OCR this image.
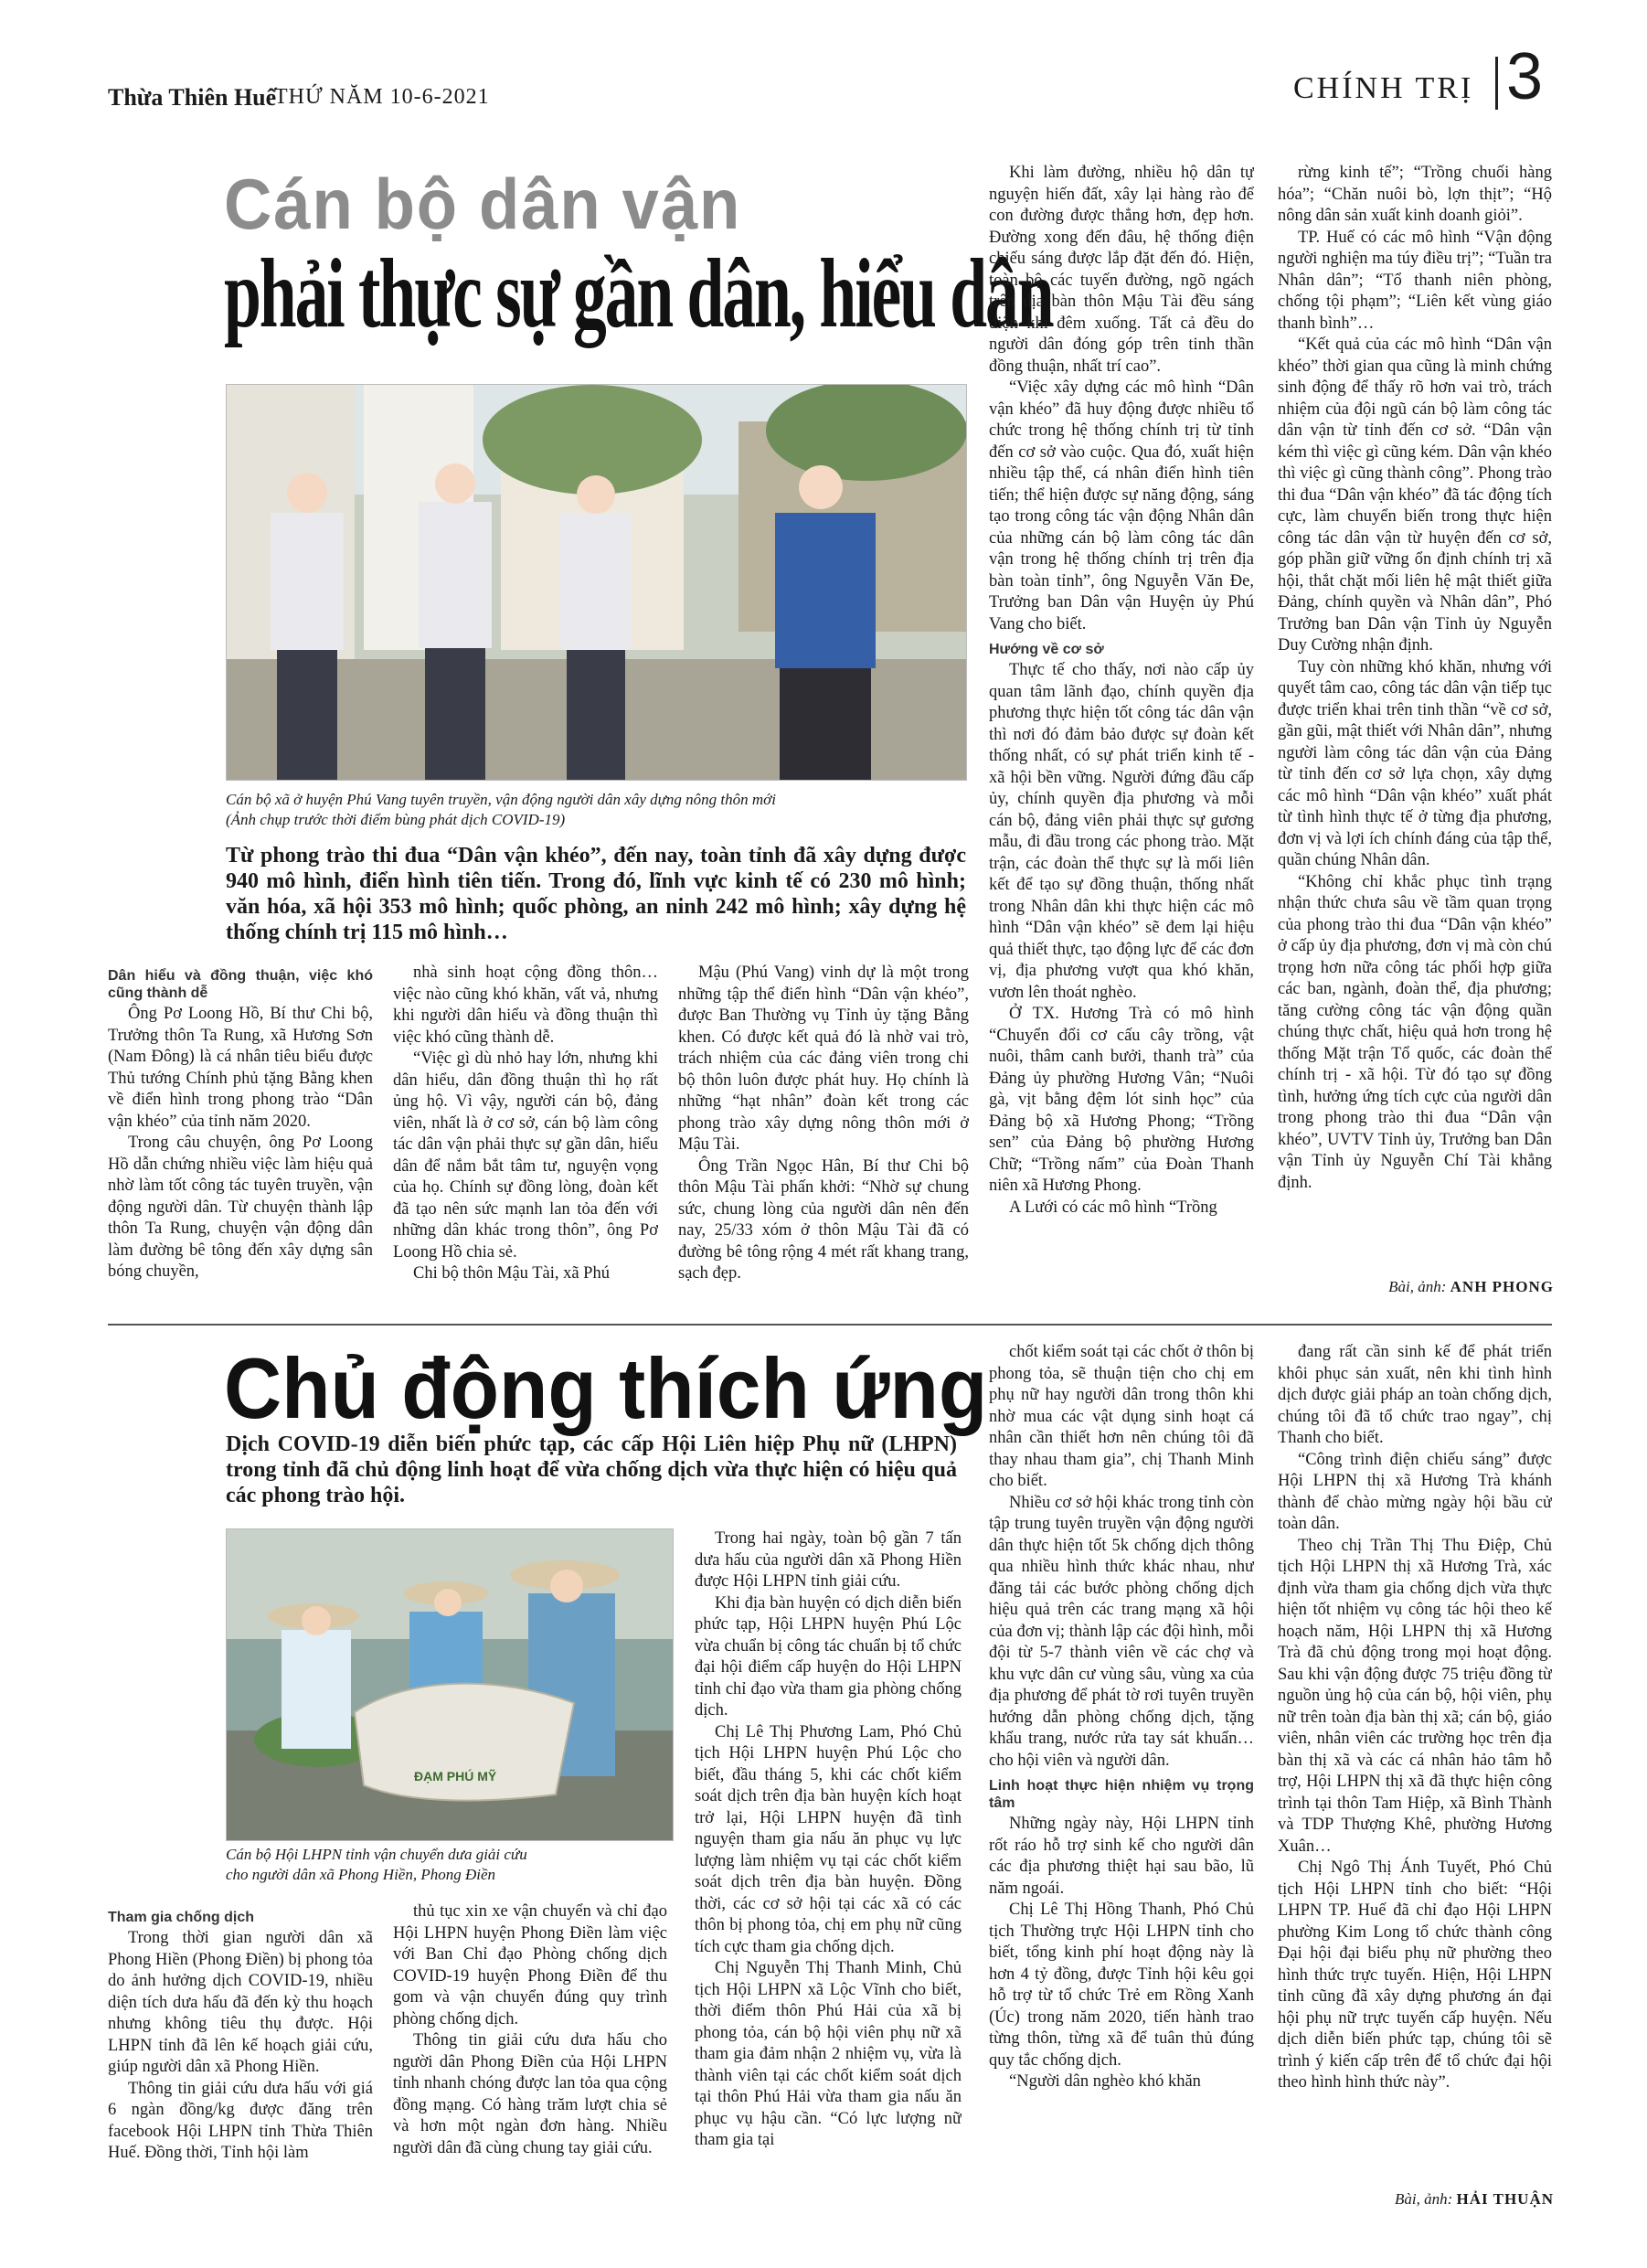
Thừa Thiên Huế
THỨ NĂM 10-6-2021	CHÍNH TRỊ 3
Cán bộ dân vận
phải thực sự gần dân, hiểu dân
Cán bộ xã ở huyện Phú Vang tuyên truyền, vận động người dân xây dựng nông thôn mới
(Ảnh chụp trước thời điểm bùng phát dịch COVID-19)
Từ phong trào thi đua “Dân vận khéo”, đến nay, toàn tỉnh đã xây dựng được 940 mô hình, điển hình tiên tiến. Trong đó, lĩnh vực kinh tế có 230 mô hình; văn hóa, xã hội 353 mô hình; quốc phòng, an ninh 242 mô hình; xây dựng hệ thống chính trị 115 mô hình…
Dân hiểu và đồng thuận, việc khó cũng thành dễ

Ông Pơ Loong Hồ, Bí thư Chi bộ, Trưởng thôn Ta Rung, xã Hương Sơn (Nam Đông) là cá nhân tiêu biểu được Thủ tướng Chính phủ tặng Bằng khen về điển hình trong phong trào “Dân vận khéo” của tỉnh năm 2020.

Trong câu chuyện, ông Pơ Loong Hồ dẫn chứng nhiều việc làm hiệu quả nhờ làm tốt công tác tuyên truyền, vận động người dân. Từ chuyện thành lập thôn Ta Rung, chuyện vận động dân làm đường bê tông đến xây dựng sân bóng chuyền,

nhà sinh hoạt cộng đồng thôn… việc nào cũng khó khăn, vất vả, nhưng khi người dân hiểu và đồng thuận thì việc khó cũng thành dễ.

“Việc gì dù nhỏ hay lớn, nhưng khi dân hiểu, dân đồng thuận thì họ rất ủng hộ. Vì vậy, người cán bộ, đảng viên, nhất là ở cơ sở, cán bộ làm công tác dân vận phải thực sự gần dân, hiểu dân để nắm bắt tâm tư, nguyện vọng của họ. Chính sự đồng lòng, đoàn kết đã tạo nên sức mạnh lan tỏa đến với những dân khác trong thôn”, ông Pơ Loong Hồ chia sẻ.

Chi bộ thôn Mậu Tài, xã Phú

Mậu (Phú Vang) vinh dự là một trong những tập thể điển hình “Dân vận khéo”, được Ban Thường vụ Tỉnh ủy tặng Bằng khen. Có được kết quả đó là nhờ vai trò, trách nhiệm của các đảng viên trong chi bộ thôn luôn được phát huy. Họ chính là những “hạt nhân” đoàn kết trong các phong trào xây dựng nông thôn mới ở Mậu Tài.

Ông Trần Ngọc Hân, Bí thư Chi bộ thôn Mậu Tài phấn khởi: “Nhờ sự chung sức, chung lòng của người dân nên đến nay, 25/33 xóm ở thôn Mậu Tài đã có đường bê tông rộng 4 mét rất khang trang, sạch đẹp.

Khi làm đường, nhiều hộ dân tự nguyện hiến đất, xây lại hàng rào để con đường được thẳng hơn, đẹp hơn. Đường xong đến đâu, hệ thống điện chiếu sáng được lắp đặt đến đó. Hiện, toàn bộ các tuyến đường, ngõ ngách trên địa bàn thôn Mậu Tài đều sáng điện khi đêm xuống. Tất cả đều do người dân đóng góp trên tinh thần đồng thuận, nhất trí cao”.

“Việc xây dựng các mô hình “Dân vận khéo” đã huy động được nhiều tổ chức trong hệ thống chính trị từ tỉnh đến cơ sở vào cuộc. Qua đó, xuất hiện nhiều tập thể, cá nhân điển hình tiên tiến; thể hiện được sự năng động, sáng tạo trong công tác vận động Nhân dân của những cán bộ làm công tác dân vận trong hệ thống chính trị trên địa bàn toàn tỉnh”, ông Nguyễn Văn Đe, Trưởng ban Dân vận Huyện ủy Phú Vang cho biết.

Hướng về cơ sở

Thực tế cho thấy, nơi nào cấp ủy quan tâm lãnh đạo, chính quyền địa phương thực hiện tốt công tác dân vận thì nơi đó đảm bảo được sự đoàn kết thống nhất, có sự phát triển kinh tế - xã hội bền vững. Người đứng đầu cấp ủy, chính quyền địa phương và mỗi cán bộ, đảng viên phải thực sự gương mẫu, đi đầu trong các phong trào. Mặt trận, các đoàn thể thực sự là mối liên kết để tạo sự đồng thuận, thống nhất trong Nhân dân khi thực hiện các mô hình “Dân vận khéo” sẽ đem lại hiệu quả thiết thực, tạo động lực để các đơn vị, địa phương vượt qua khó khăn, vươn lên thoát nghèo.

Ở TX. Hương Trà có mô hình “Chuyển đổi cơ cấu cây trồng, vật nuôi, thâm canh bưởi, thanh trà” của Đảng ủy phường Hương Vân; “Nuôi gà, vịt bằng đệm lót sinh học” của Đảng bộ xã Hương Phong; “Trồng sen” của Đảng bộ phường Hương Chữ; “Trồng nấm” của Đoàn Thanh niên xã Hương Phong.

A Lưới có các mô hình “Trồng

rừng kinh tế”; “Trồng chuối hàng hóa”; “Chăn nuôi bò, lợn thịt”; “Hộ nông dân sản xuất kinh doanh giỏi”.

TP. Huế có các mô hình “Vận động người nghiện ma túy điều trị”; “Tuần tra Nhân dân”; “Tổ thanh niên phòng, chống tội phạm”; “Liên kết vùng giáo thanh bình”…

“Kết quả của các mô hình “Dân vận khéo” thời gian qua cũng là minh chứng sinh động để thấy rõ hơn vai trò, trách nhiệm của đội ngũ cán bộ làm công tác dân vận từ tỉnh đến cơ sở. “Dân vận kém thì việc gì cũng kém. Dân vận khéo thì việc gì cũng thành công”. Phong trào thi đua “Dân vận khéo” đã tác động tích cực, làm chuyển biến trong thực hiện công tác dân vận từ huyện đến cơ sở, góp phần giữ vững ổn định chính trị xã hội, thắt chặt mối liên hệ mật thiết giữa Đảng, chính quyền và Nhân dân”, Phó Trưởng ban Dân vận Tỉnh ủy Nguyễn Duy Cường nhận định.

Tuy còn những khó khăn, nhưng với quyết tâm cao, công tác dân vận tiếp tục được triển khai trên tinh thần “về cơ sở, gần gũi, mật thiết với Nhân dân”, nhưng người làm công tác dân vận của Đảng từ tỉnh đến cơ sở lựa chọn, xây dựng các mô hình “Dân vận khéo” xuất phát từ tình hình thực tế ở từng địa phương, đơn vị và lợi ích chính đáng của tập thể, quần chúng Nhân dân.

“Không chỉ khắc phục tình trạng nhận thức chưa sâu về tầm quan trọng của phong trào thi đua “Dân vận khéo” ở cấp ủy địa phương, đơn vị mà còn chú trọng hơn nữa công tác phối hợp giữa các ban, ngành, đoàn thể, địa phương; tăng cường công tác vận động quần chúng thực chất, hiệu quả hơn trong hệ thống Mặt trận Tổ quốc, các đoàn thể chính trị - xã hội. Từ đó tạo sự đồng tình, hưởng ứng tích cực của người dân trong phong trào thi đua “Dân vận khéo”, UVTV Tỉnh ủy, Trưởng ban Dân vận Tỉnh ủy Nguyễn Chí Tài khẳng định.

Bài, ảnh: ANH PHONG
Chủ động thích ứng
Dịch COVID-19 diễn biến phức tạp, các cấp Hội Liên hiệp Phụ nữ (LHPN) trong tỉnh đã chủ động linh hoạt để vừa chống dịch vừa thực hiện có hiệu quả các phong trào hội.
ĐẠM PHÚ MỸ
Cán bộ Hội LHPN tỉnh vận chuyển dưa giải cứu
cho người dân xã Phong Hiền, Phong Điền
Tham gia chống dịch

Trong thời gian người dân xã Phong Hiền (Phong Điền) bị phong tỏa do ảnh hưởng dịch COVID-19, nhiều diện tích dưa hấu đã đến kỳ thu hoạch nhưng không tiêu thụ được. Hội LHPN tỉnh đã lên kế hoạch giải cứu, giúp người dân xã Phong Hiền.

Thông tin giải cứu dưa hấu với giá 6 ngàn đồng/kg được đăng trên facebook Hội LHPN tỉnh Thừa Thiên Huế. Đồng thời, Tỉnh hội làm

thủ tục xin xe vận chuyển và chỉ đạo Hội LHPN huyện Phong Điền làm việc với Ban Chỉ đạo Phòng chống dịch COVID-19 huyện Phong Điền để thu gom và vận chuyển đúng quy trình phòng chống dịch.

Thông tin giải cứu dưa hấu cho người dân Phong Điền của Hội LHPN tỉnh nhanh chóng được lan tỏa qua cộng đồng mạng. Có hàng trăm lượt chia sẻ và hơn một ngàn đơn hàng. Nhiều người dân đã cùng chung tay giải cứu.

Trong hai ngày, toàn bộ gần 7 tấn dưa hấu của người dân xã Phong Hiền được Hội LHPN tỉnh giải cứu.

Khi địa bàn huyện có dịch diễn biến phức tạp, Hội LHPN huyện Phú Lộc vừa chuẩn bị công tác chuẩn bị tổ chức đại hội điểm cấp huyện do Hội LHPN tỉnh chỉ đạo vừa tham gia phòng chống dịch.

Chị Lê Thị Phương Lam, Phó Chủ tịch Hội LHPN huyện Phú Lộc cho biết, đầu tháng 5, khi các chốt kiểm soát dịch trên địa bàn huyện kích hoạt trở lại, Hội LHPN huyện đã tình nguyện tham gia nấu ăn phục vụ lực lượng làm nhiệm vụ tại các chốt kiểm soát dịch trên địa bàn huyện. Đồng thời, các cơ sở hội tại các xã có các thôn bị phong tỏa, chị em phụ nữ cũng tích cực tham gia chống dịch.

Chị Nguyễn Thị Thanh Minh, Chủ tịch Hội LHPN xã Lộc Vĩnh cho biết, thời điểm thôn Phú Hải của xã bị phong tỏa, cán bộ hội viên phụ nữ xã tham gia đảm nhận 2 nhiệm vụ, vừa là thành viên tại các chốt kiểm soát dịch tại thôn Phú Hải vừa tham gia nấu ăn phục vụ hậu cần. “Có lực lượng nữ tham gia tại

chốt kiểm soát tại các chốt ở thôn bị phong tỏa, sẽ thuận tiện cho chị em phụ nữ hay người dân trong thôn khi nhờ mua các vật dụng sinh hoạt cá nhân cần thiết hơn nên chúng tôi đã thay nhau tham gia”, chị Thanh Minh cho biết.

Nhiều cơ sở hội khác trong tỉnh còn tập trung tuyên truyền vận động người dân thực hiện tốt 5k chống dịch thông qua nhiều hình thức khác nhau, như đăng tải các bước phòng chống dịch hiệu quả trên các trang mạng xã hội của đơn vị; thành lập các đội hình, mỗi đội từ 5-7 thành viên về các chợ và khu vực dân cư vùng sâu, vùng xa của địa phương để phát tờ rơi tuyên truyền hướng dẫn phòng chống dịch, tặng khẩu trang, nước rửa tay sát khuẩn… cho hội viên và người dân.

Linh hoạt thực hiện nhiệm vụ trọng tâm

Những ngày này, Hội LHPN tỉnh rốt ráo hỗ trợ sinh kế cho người dân các địa phương thiệt hại sau bão, lũ năm ngoái.

Chị Lê Thị Hồng Thanh, Phó Chủ tịch Thường trực Hội LHPN tỉnh cho biết, tổng kinh phí hoạt động này là hơn 4 tỷ đồng, được Tỉnh hội kêu gọi hỗ trợ từ tổ chức Trẻ em Rồng Xanh (Úc) trong năm 2020, tiến hành trao từng thôn, từng xã để tuân thủ đúng quy tắc chống dịch.

“Người dân nghèo khó khăn

đang rất cần sinh kế để phát triển khôi phục sản xuất, nên khi tình hình dịch được giải pháp an toàn chống dịch, chúng tôi đã tổ chức trao ngay”, chị Thanh cho biết.

“Công trình điện chiếu sáng” được Hội LHPN thị xã Hương Trà khánh thành để chào mừng ngày hội bầu cử toàn dân.

Theo chị Trần Thị Thu Điệp, Chủ tịch Hội LHPN thị xã Hương Trà, xác định vừa tham gia chống dịch vừa thực hiện tốt nhiệm vụ công tác hội theo kế hoạch năm, Hội LHPN thị xã Hương Trà đã chủ động trong mọi hoạt động. Sau khi vận động được 75 triệu đồng từ nguồn ủng hộ của cán bộ, hội viên, phụ nữ trên toàn địa bàn thị xã; cán bộ, giáo viên, nhân viên các trường học trên địa bàn thị xã và các cá nhân hảo tâm hỗ trợ, Hội LHPN thị xã đã thực hiện công trình tại thôn Tam Hiệp, xã Bình Thành và TDP Thượng Khê, phường Hương Xuân…

Chị Ngô Thị Ánh Tuyết, Phó Chủ tịch Hội LHPN tỉnh cho biết: “Hội LHPN TP. Huế đã chỉ đạo Hội LHPN phường Kim Long tổ chức thành công Đại hội đại biểu phụ nữ phường theo hình thức trực tuyến. Hiện, Hội LHPN tỉnh cũng đã xây dựng phương án đại hội phụ nữ trực tuyến cấp huyện. Nếu dịch diễn biến phức tạp, chúng tôi sẽ trình ý kiến cấp trên để tổ chức đại hội theo hình hình thức này”.

Bài, ảnh: HẢI THUẬN
